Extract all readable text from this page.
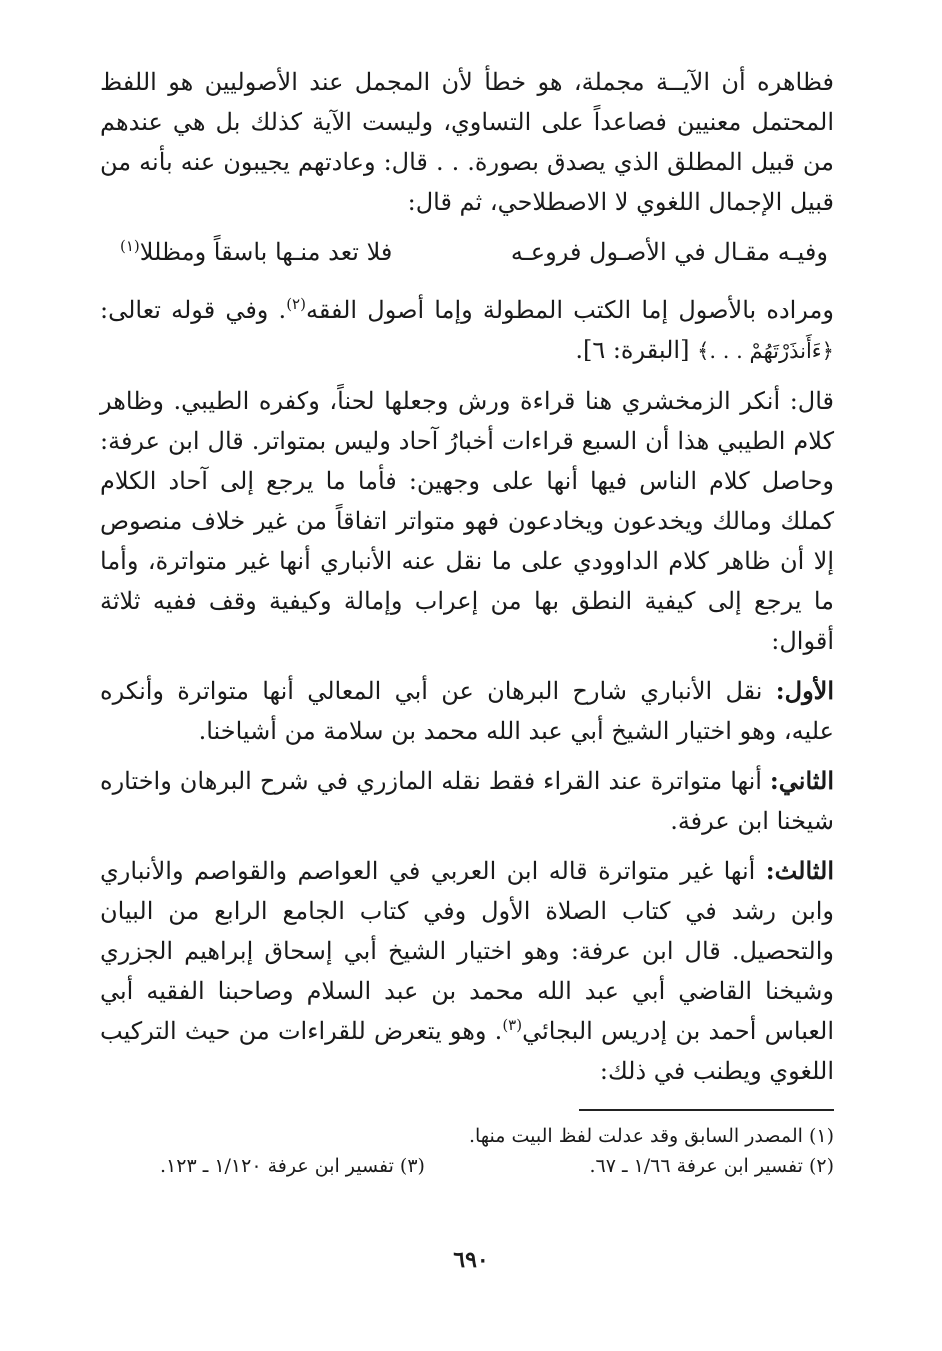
فظاهره أن الآيــة مجملة، هو خطأ لأن المجمل عند الأصوليين هو اللفظ المحتمل معنيين فصاعداً على التساوي، وليست الآية كذلك بل هي عندهم من قبيل المطلق الذي يصدق بصورة. . . قال: وعادتهم يجيبون عنه بأنه من قبيل الإجمال اللغوي لا الاصطلاحي، ثم قال:

وفيـه مقـال في الأصـول فروعـه
فلا تعد منـها باسقاً ومظللا$^{(١)}$

ومراده بالأصول إما الكتب المطولة وإما أصول الفقه$^{(٢)}$. وفي قوله تعالى: ﴿ءَأَنذَرْتَهُمْ . . .﴾ [البقرة: ٦].

قال: أنكر الزمخشري هنا قراءة ورش وجعلها لحناً، وكفره الطيبي. وظاهر كلام الطيبي هذا أن السبع قراءات أخبارُ آحاد وليس بمتواتر. قال ابن عرفة: وحاصل كلام الناس فيها أنها على وجهين: فأما ما يرجع إلى آحاد الكلام كملك ومالك ويخدعون ويخادعون فهو متواتر اتفاقاً من غير خلاف منصوص إلا أن ظاهر كلام الداوودي على ما نقل عنه الأنباري أنها غير متواترة، وأما ما يرجع إلى كيفية النطق بها من إعراب وإمالة وكيفية وقف ففيه ثلاثة أقوال:

الأول: نقل الأنباري شارح البرهان عن أبي المعالي أنها متواترة وأنكره عليه، وهو اختيار الشيخ أبي عبد الله محمد بن سلامة من أشياخنا.

الثاني: أنها متواترة عند القراء فقط نقله المازري في شرح البرهان واختاره شيخنا ابن عرفة.

الثالث: أنها غير متواترة قاله ابن العربي في العواصم والقواصم والأنباري وابن رشد في كتاب الصلاة الأول وفي كتاب الجامع الرابع من البيان والتحصيل. قال ابن عرفة: وهو اختيار الشيخ أبي إسحاق إبراهيم الجزري وشيخنا القاضي أبي عبد الله محمد بن عبد السلام وصاحبنا الفقيه أبي العباس أحمد بن إدريس البجائي$^{(٣)}$. وهو يتعرض للقراءات من حيث التركيب اللغوي ويطنب في ذلك:

(١) المصدر السابق وقد عدلت لفظ البيت منها.
(٢) تفسير ابن عرفة ١/٦٦ ـ ٦٧.
(٣) تفسير ابن عرفة ١/١٢٠ ـ ١٢٣.
٦٩٠
